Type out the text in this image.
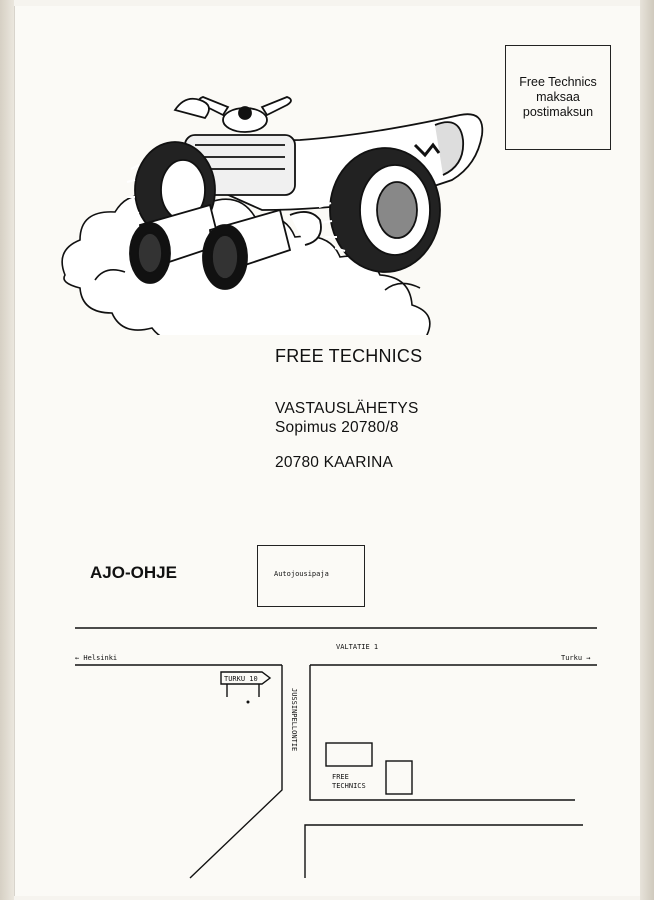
Free Technics
maksaa
postimaksun
FREE TECHNICS
VASTAUSLÄHETYS
Sopimus 20780/8
20780 KAARINA
AJO-OHJE	Autojousipaja
VALTATIE 1
← Helsinki	Turku →
TURKU 10
JUSSINPELLONTIE
FREE
TECHNICS
